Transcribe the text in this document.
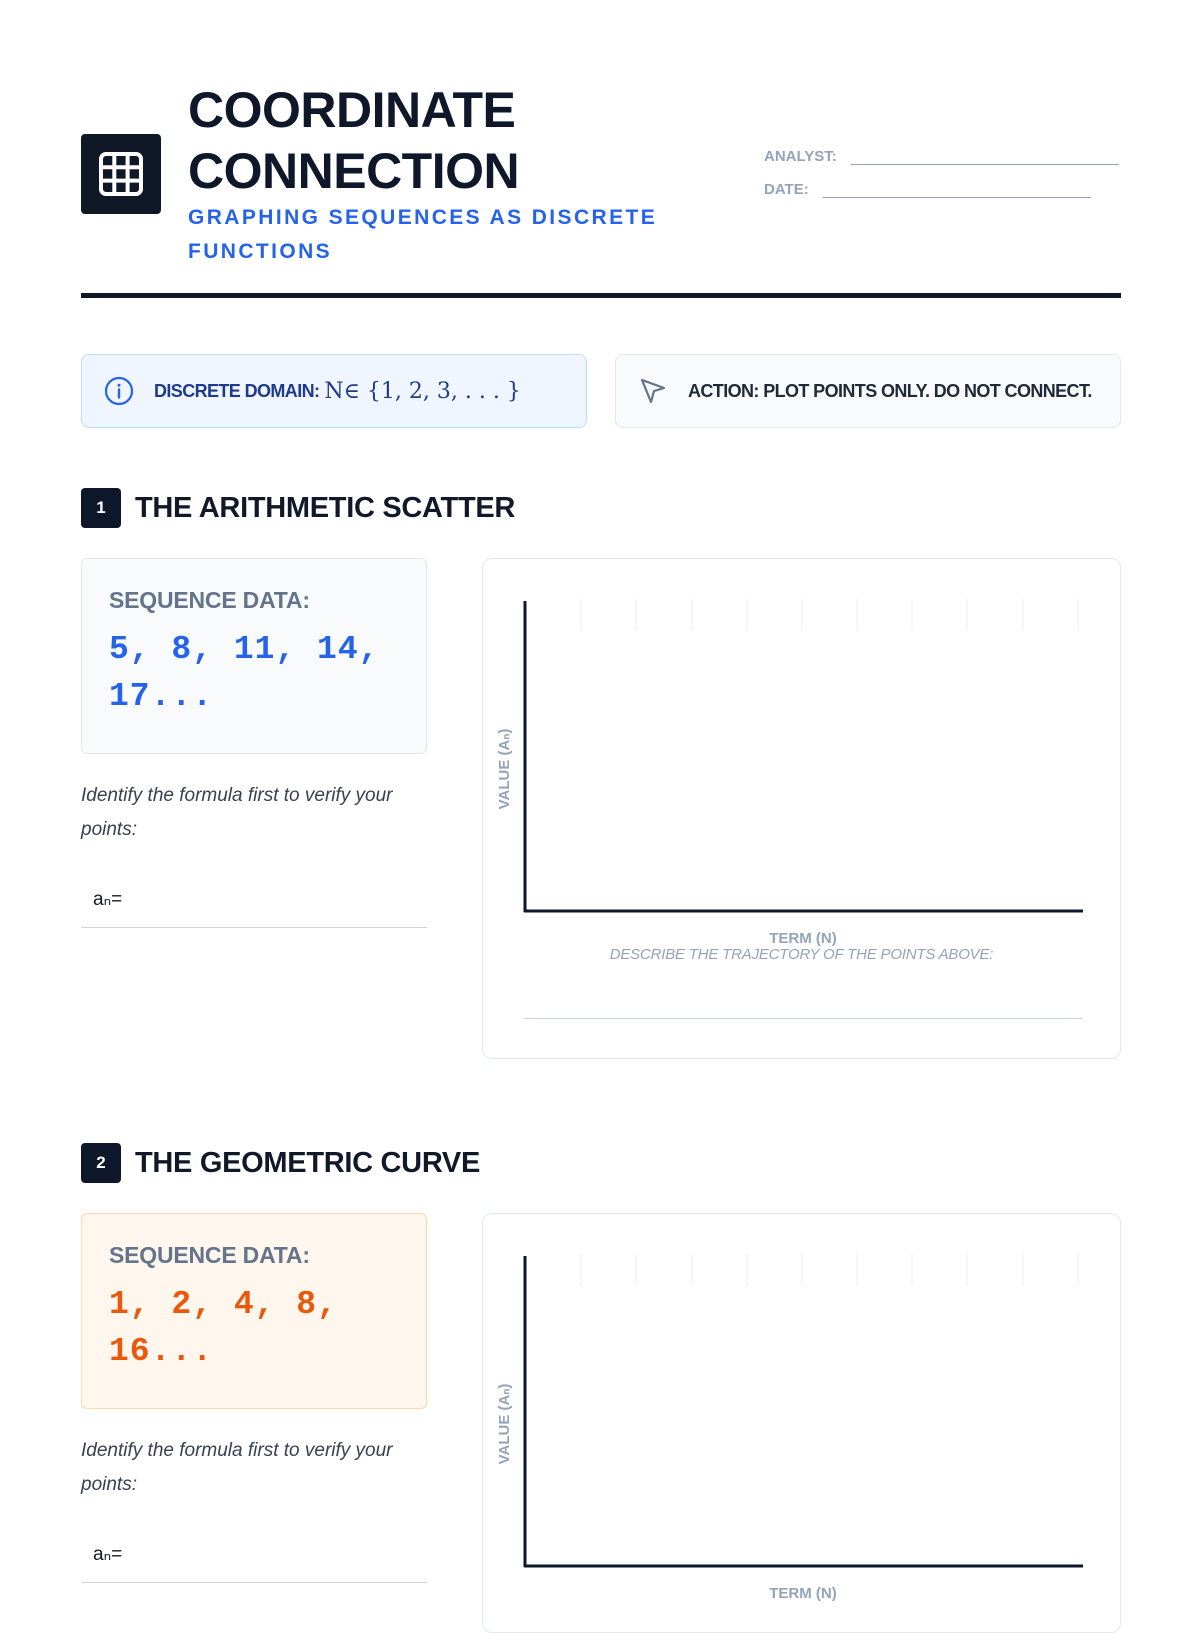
COORDINATE CONNECTION
GRAPHING SEQUENCES AS DISCRETE FUNCTIONS
ANALYST:
DATE:
DISCRETE DOMAIN: N∈ {1, 2, 3, . . . }	ACTION: PLOT POINTS ONLY. DO NOT CONNECT.
1	THE ARITHMETIC SCATTER
SEQUENCE DATA:
5, 8, 11, 14, 17...
Identify the formula first to verify your points:
aₙ=
VALUE (Aₙ)
TERM (N)
DESCRIBE THE TRAJECTORY OF THE POINTS ABOVE:
2	THE GEOMETRIC CURVE
SEQUENCE DATA:
1, 2, 4, 8, 16...
Identify the formula first to verify your points:
aₙ=
VALUE (Aₙ)
TERM (N)
